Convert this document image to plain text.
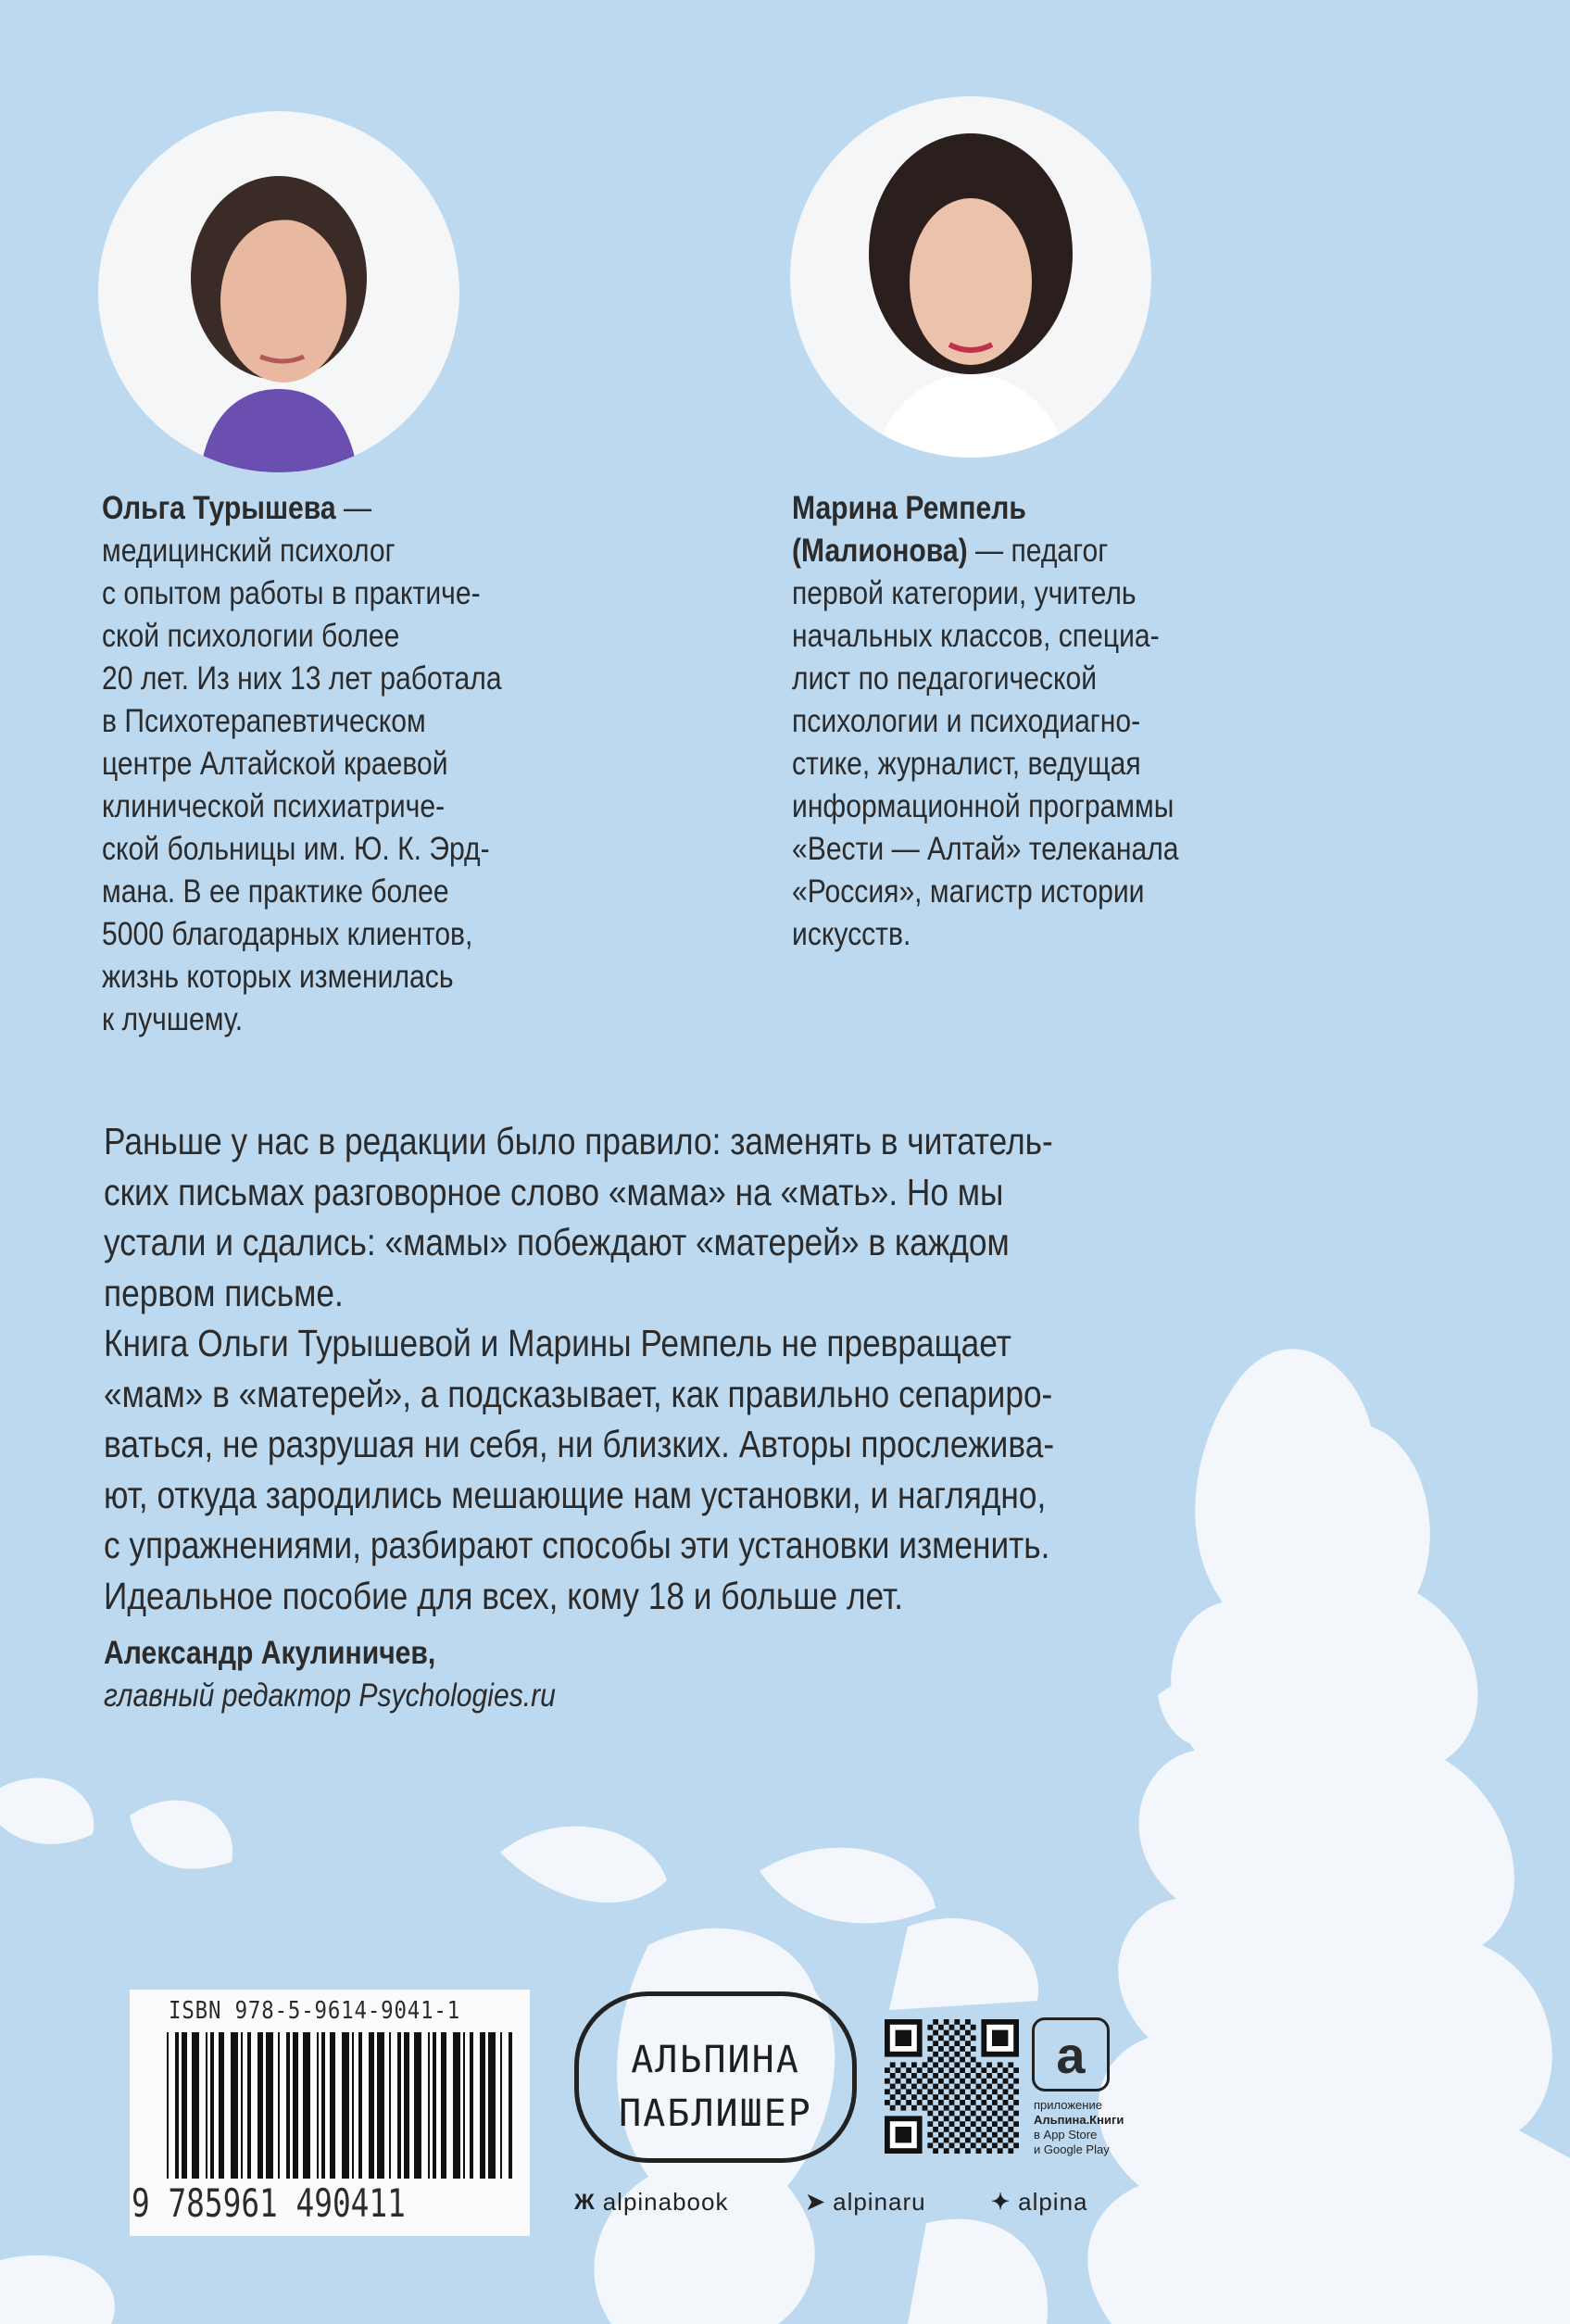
Ольга Турышева —
медицинский психолог
с опытом работы в практиче-
ской психологии более
20 лет. Из них 13 лет работала
в Психотерапевтическом
центре Алтайской краевой
клинической психиатриче-
ской больницы им. Ю. К. Эрд-
мана. В ее практике более
5000 благодарных клиентов,
жизнь которых изменилась
к лучшему.
Марина Ремпель
(Малионова) — педагог
первой категории, учитель
начальных классов, специа-
лист по педагогической
психологии и психодиагно-
стике, журналист, ведущая
информационной программы
«Вести — Алтай» телеканала
«Россия», магистр истории
искусств.
Раньше у нас в редакции было правило: заменять в читатель-
ских письмах разговорное слово «мама» на «мать». Но мы
устали и сдались: «мамы» побеждают «матерей» в каждом
первом письме.
Книга Ольги Турышевой и Марины Ремпель не превращает
«мам» в «матерей», а подсказывает, как правильно сепариро-
ваться, не разрушая ни себя, ни близких. Авторы прослежива-
ют, откуда зародились мешающие нам установки, и наглядно,
с упражнениями, разбирают способы эти установки изменить.
Идеальное пособие для всех, кому 18 и больше лет.
Александр Акулиничев,
главный редактор Psychologies.ru
ISBN 978-5-9614-9041-1
9 785961 490411
АЛЬПИНА
ПАБЛИШЕР
a
приложение
Альпина.Книги
в App Store
и Google Play
Ж alpinabook	➤ alpinaru	✦ alpina
